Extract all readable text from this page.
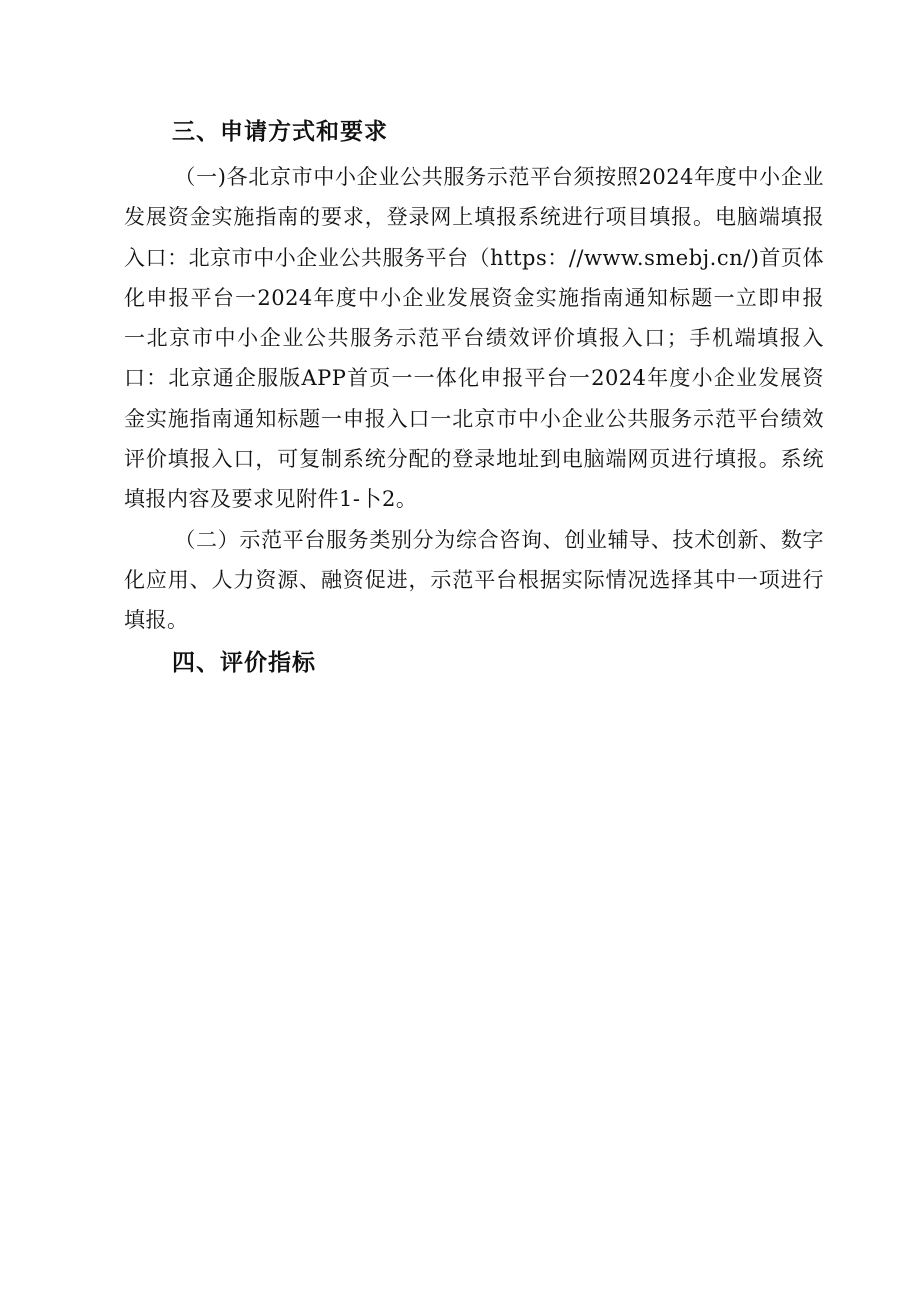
三、申请方式和要求

（一)各北京市中小企业公共服务示范平台须按照2024年度中小企业发展资金实施指南的要求，登录网上填报系统进行项目填报。电脑端填报入口：北京市中小企业公共服务平台（https：//www.smebj.cn/)首页体化申报平台一2024年度中小企业发展资金实施指南通知标题一立即申报一北京市中小企业公共服务示范平台绩效评价填报入口；手机端填报入口：北京通企服版APP首页一一体化申报平台一2024年度小企业发展资金实施指南通知标题一申报入口一北京市中小企业公共服务示范平台绩效评价填报入口，可复制系统分配的登录地址到电脑端网页进行填报。系统填报内容及要求见附件1-卜2。

（二）示范平台服务类别分为综合咨询、创业辅导、技术创新、数字化应用、人力资源、融资促进，示范平台根据实际情况选择其中一项进行填报。

四、评价指标
